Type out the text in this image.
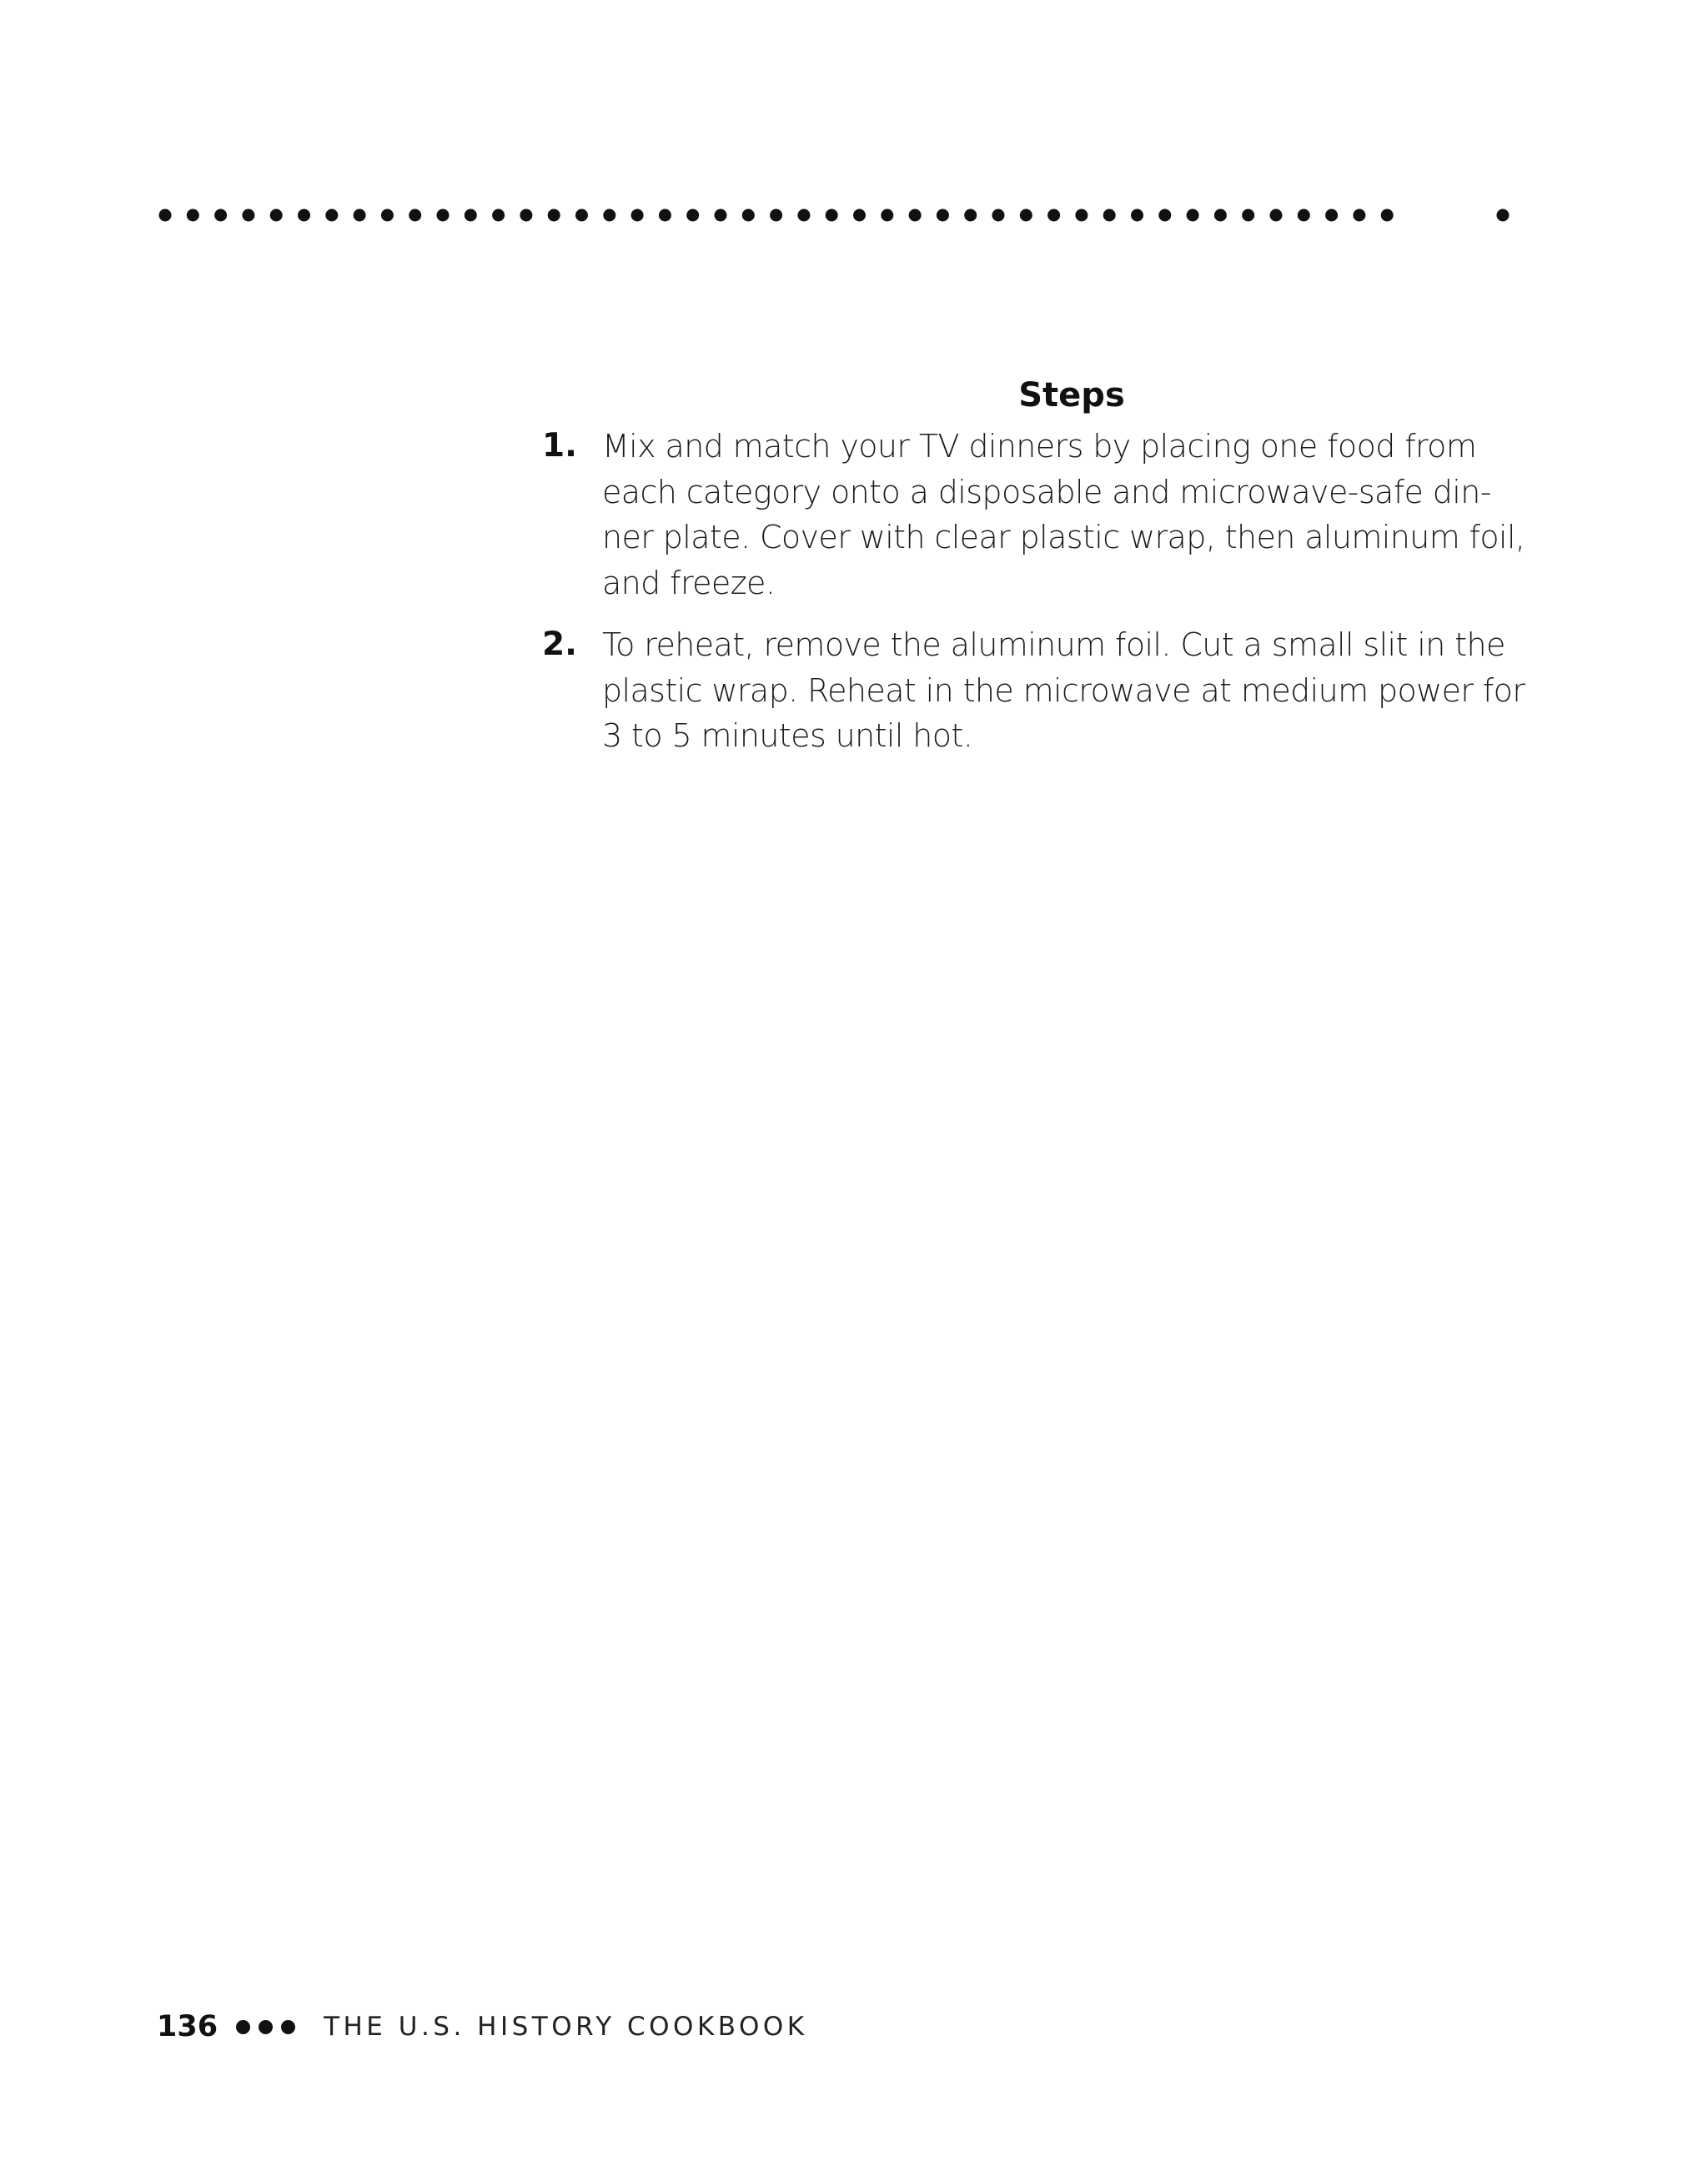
Steps
1. Mix and match your TV dinners by placing one food from
each category onto a disposable and microwave-safe din-
ner plate. Cover with clear plastic wrap, then aluminum foil,
and freeze.
2. To reheat, remove the aluminum foil. Cut a small slit in the
plastic wrap. Reheat in the microwave at medium power for
3 to 5 minutes until hot.
136	THE U.S. HISTORY COOKBOOK
